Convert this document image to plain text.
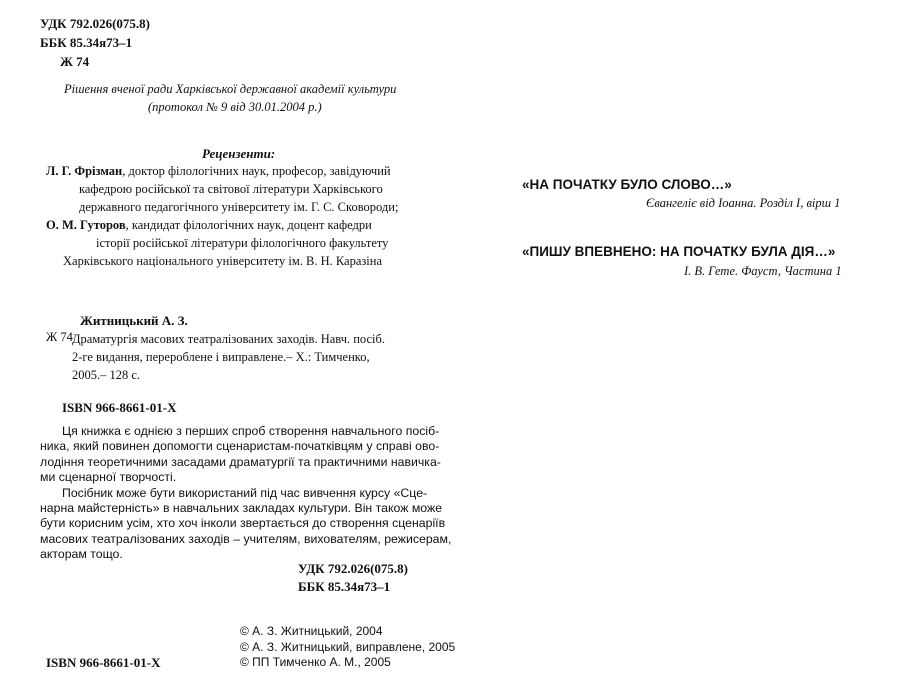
УДК 792.026(075.8)
ББК 85.34я73–1
Ж 74
Рішення вченої ради Харківської державної академії культури
(протокол № 9 від 30.01.2004 р.)
Рецензенти:
Л. Г. Фрізман, доктор філологічних наук, професор, завідуючий
кафедрою російської та світової літератури Харківського
державного педагогічного університету ім. Г. С. Сковороди;
О. М. Гуторов, кандидат філологічних наук, доцент кафедри
історії російської літератури філологічного факультету
Харківського національного університету ім. В. Н. Каразіна
Житницький А. З.
Ж 74 Драматургія масових театралізованих заходів. Навч. посіб.
2-ге видання, перероблене і виправлене.– Х.: Тимченко,
2005.– 128 с.
ISBN 966-8661-01-X
Ця книжка є однією з перших спроб створення навчального посіб-
ника, який повинен допомогти сценаристам-початківцям у справі ово-
лодіння теоретичними засадами драматургії та практичними навичка-
ми сценарної творчості.
Посібник може бути використаний під час вивчення курсу «Сце-
нарна майстерність» в навчальних закладах культури. Він також може
бути корисним усім, хто хоч інколи звертається до створення сценаріїв
масових театралізованих заходів – учителям, вихователям, режисерам,
акторам тощо.
УДК 792.026(075.8)
ББК 85.34я73–1
© А. З. Житницький, 2004
© А. З. Житницький, виправлене, 2005
© ПП Тимченко А. М., 2005
ISBN 966-8661-01-X
«НА ПОЧАТКУ БУЛО СЛОВО…»
Євангеліє від Іоанна. Розділ І, вірш 1
«ПИШУ ВПЕВНЕНО: НА ПОЧАТКУ БУЛА ДІЯ…»
І. В. Гете. Фауст, Частина 1
